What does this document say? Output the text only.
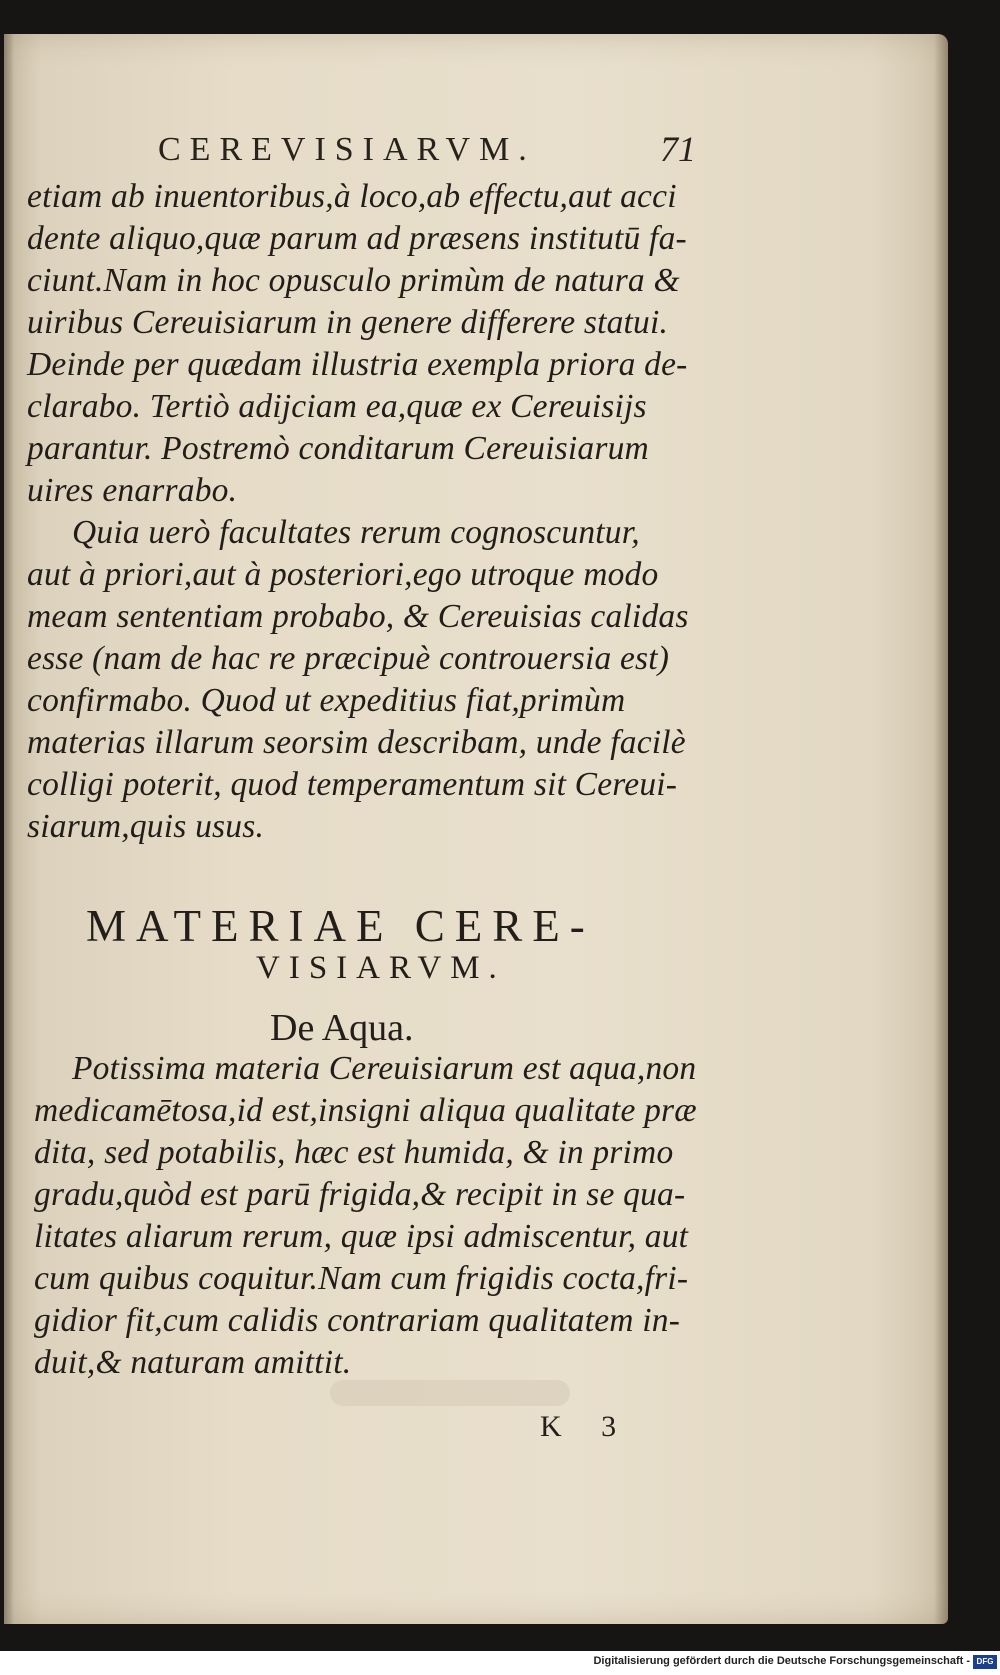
CEREVISIARVM.	71
etiam ab inuentoribus,à loco,ab effectu,aut acci
dente aliquo,quæ parum ad præsens institutū fa-
ciunt.Nam in hoc opusculo primùm de natura &
uiribus Cereuisiarum in genere differere statui.
Deinde per quædam illustria exempla priora de-
clarabo. Tertiò adijciam ea,quæ ex Cereuisijs
parantur. Postremò conditarum Cereuisiarum
uires enarrabo.
Quia uerò facultates rerum cognoscuntur,
aut à priori,aut à posteriori,ego utroque modo
meam sententiam probabo, & Cereuisias calidas
esse (nam de hac re præcipuè controuersia est)
confirmabo. Quod ut expeditius fiat,primùm
materias illarum seorsim describam, unde facilè
colligi poterit, quod temperamentum sit Cereui-
siarum,quis usus.
MATERIAE CERE-
VISIARVM.
De Aqua.
Potissima materia Cereuisiarum est aqua,non
medicamētosa,id est,insigni aliqua qualitate præ
dita, sed potabilis, hæc est humida, & in primo
gradu,quòd est parū frigida,& recipit in se qua-
litates aliarum rerum, quæ ipsi admiscentur, aut
cum quibus coquitur.Nam cum frigidis cocta,fri-
gidior fit,cum calidis contrariam qualitatem in-
duit,& naturam amittit.
K 3
Digitalisierung gefördert durch die Deutsche Forschungsgemeinschaft - DFG
